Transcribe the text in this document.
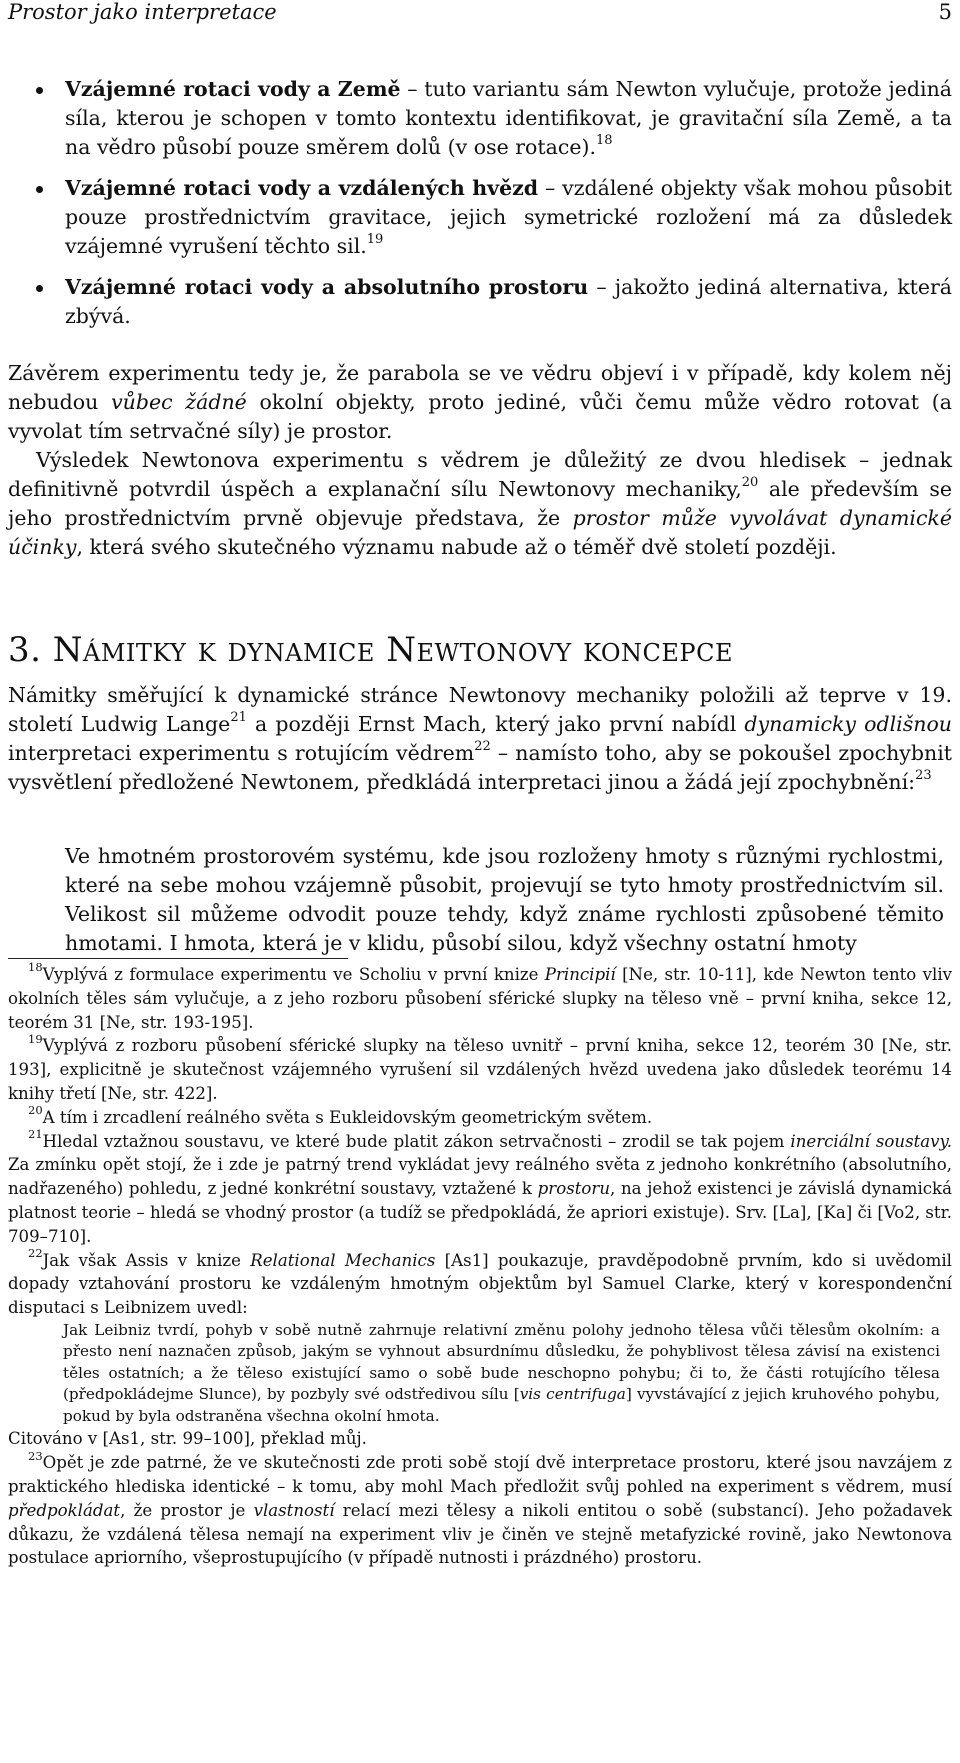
Prostor jako interpretace	5
Vzájemné rotaci vody a Země – tuto variantu sám Newton vylučuje, protože jediná síla, kterou je schopen v tomto kontextu identifikovat, je gravitační síla Země, a ta na vědro působí pouze směrem dolů (v ose rotace).$^{18}$
Vzájemné rotaci vody a vzdálených hvězd – vzdálené objekty však mohou působit pouze prostřednictvím gravitace, jejich symetrické rozložení má za důsledek vzájemné vyrušení těchto sil.$^{19}$
Vzájemné rotaci vody a absolutního prostoru – jakožto jediná alternativa, která zbývá.

Závěrem experimentu tedy je, že parabola se ve vědru objeví i v případě, kdy kolem něj nebudou vůbec žádné okolní objekty, proto jediné, vůči čemu může vědro rotovat (a vyvolat tím setrvačné síly) je prostor.

Výsledek Newtonova experimentu s vědrem je důležitý ze dvou hledisek – jednak definitivně potvrdil úspěch a explanační sílu Newtonovy mechaniky,$^{20}$ ale především se jeho prostřednictvím prvně objevuje představa, že prostor může vyvolávat dynamické účinky, která svého skutečného významu nabude až o téměř dvě století později.

3. Námitky k dynamice Newtonovy koncepce

Námitky směřující k dynamické stránce Newtonovy mechaniky položili až teprve v 19. století Ludwig Lange$^{21}$ a později Ernst Mach, který jako první nabídl dynamicky odlišnou interpretaci experimentu s rotujícím vědrem$^{22}$ – namísto toho, aby se pokoušel zpochybnit vysvětlení předložené Newtonem, předkládá interpretaci jinou a žádá její zpochybnění:$^{23}$

Ve hmotném prostorovém systému, kde jsou rozloženy hmoty s různými rychlostmi, které na sebe mohou vzájemně působit, projevují se tyto hmoty prostřednictvím sil. Velikost sil můžeme odvodit pouze tehdy, když známe rychlosti způsobené těmito hmotami. I hmota, která je v klidu, působí silou, když všechny ostatní hmoty

$^{18}$Vyplývá z formulace experimentu ve Scholiu v první knize Principií [Ne, str. 10-11], kde Newton tento vliv okolních těles sám vylučuje, a z jeho rozboru působení sférické slupky na těleso vně – první kniha, sekce 12, teorém 31 [Ne, str. 193-195].

$^{19}$Vyplývá z rozboru působení sférické slupky na těleso uvnitř – první kniha, sekce 12, teorém 30 [Ne, str. 193], explicitně je skutečnost vzájemného vyrušení sil vzdálených hvězd uvedena jako důsledek teorému 14 knihy třetí [Ne, str. 422].

$^{20}$A tím i zrcadlení reálného světa s Eukleidovským geometrickým světem.

$^{21}$Hledal vztažnou soustavu, ve které bude platit zákon setrvačnosti – zrodil se tak pojem inerciální soustavy. Za zmínku opět stojí, že i zde je patrný trend vykládat jevy reálného světa z jednoho konkrétního (absolutního, nadřazeného) pohledu, z jedné konkrétní soustavy, vztažené k prostoru, na jehož existenci je závislá dynamická platnost teorie – hledá se vhodný prostor (a tudíž se předpokládá, že apriori existuje). Srv. [La], [Ka] či [Vo2, str. 709–710].

$^{22}$Jak však Assis v knize Relational Mechanics [As1] poukazuje, pravděpodobně prvním, kdo si uvědomil dopady vztahování prostoru ke vzdáleným hmotným objektům byl Samuel Clarke, který v korespondenční disputaci s Leibnizem uvedl:

Jak Leibniz tvrdí, pohyb v sobě nutně zahrnuje relativní změnu polohy jednoho tělesa vůči tělesům okolním: a přesto není naznačen způsob, jakým se vyhnout absurdnímu důsledku, že pohyblivost tělesa závisí na existenci těles ostatních; a že těleso existující samo o sobě bude neschopno pohybu; či to, že části rotujícího tělesa (předpokládejme Slunce), by pozbyly své odstředivou sílu [vis centrifuga] vyvstávající z jejich kruhového pohybu, pokud by byla odstraněna všechna okolní hmota.

Citováno v [As1, str. 99–100], překlad můj.

$^{23}$Opět je zde patrné, že ve skutečnosti zde proti sobě stojí dvě interpretace prostoru, které jsou navzájem z praktického hlediska identické – k tomu, aby mohl Mach předložit svůj pohled na experiment s vědrem, musí předpokládat, že prostor je vlastností relací mezi tělesy a nikoli entitou o sobě (substancí). Jeho požadavek důkazu, že vzdálená tělesa nemají na experiment vliv je činěn ve stejně metafyzické rovině, jako Newtonova postulace apriorního, všeprostupujícího (v případě nutnosti i prázdného) prostoru.
